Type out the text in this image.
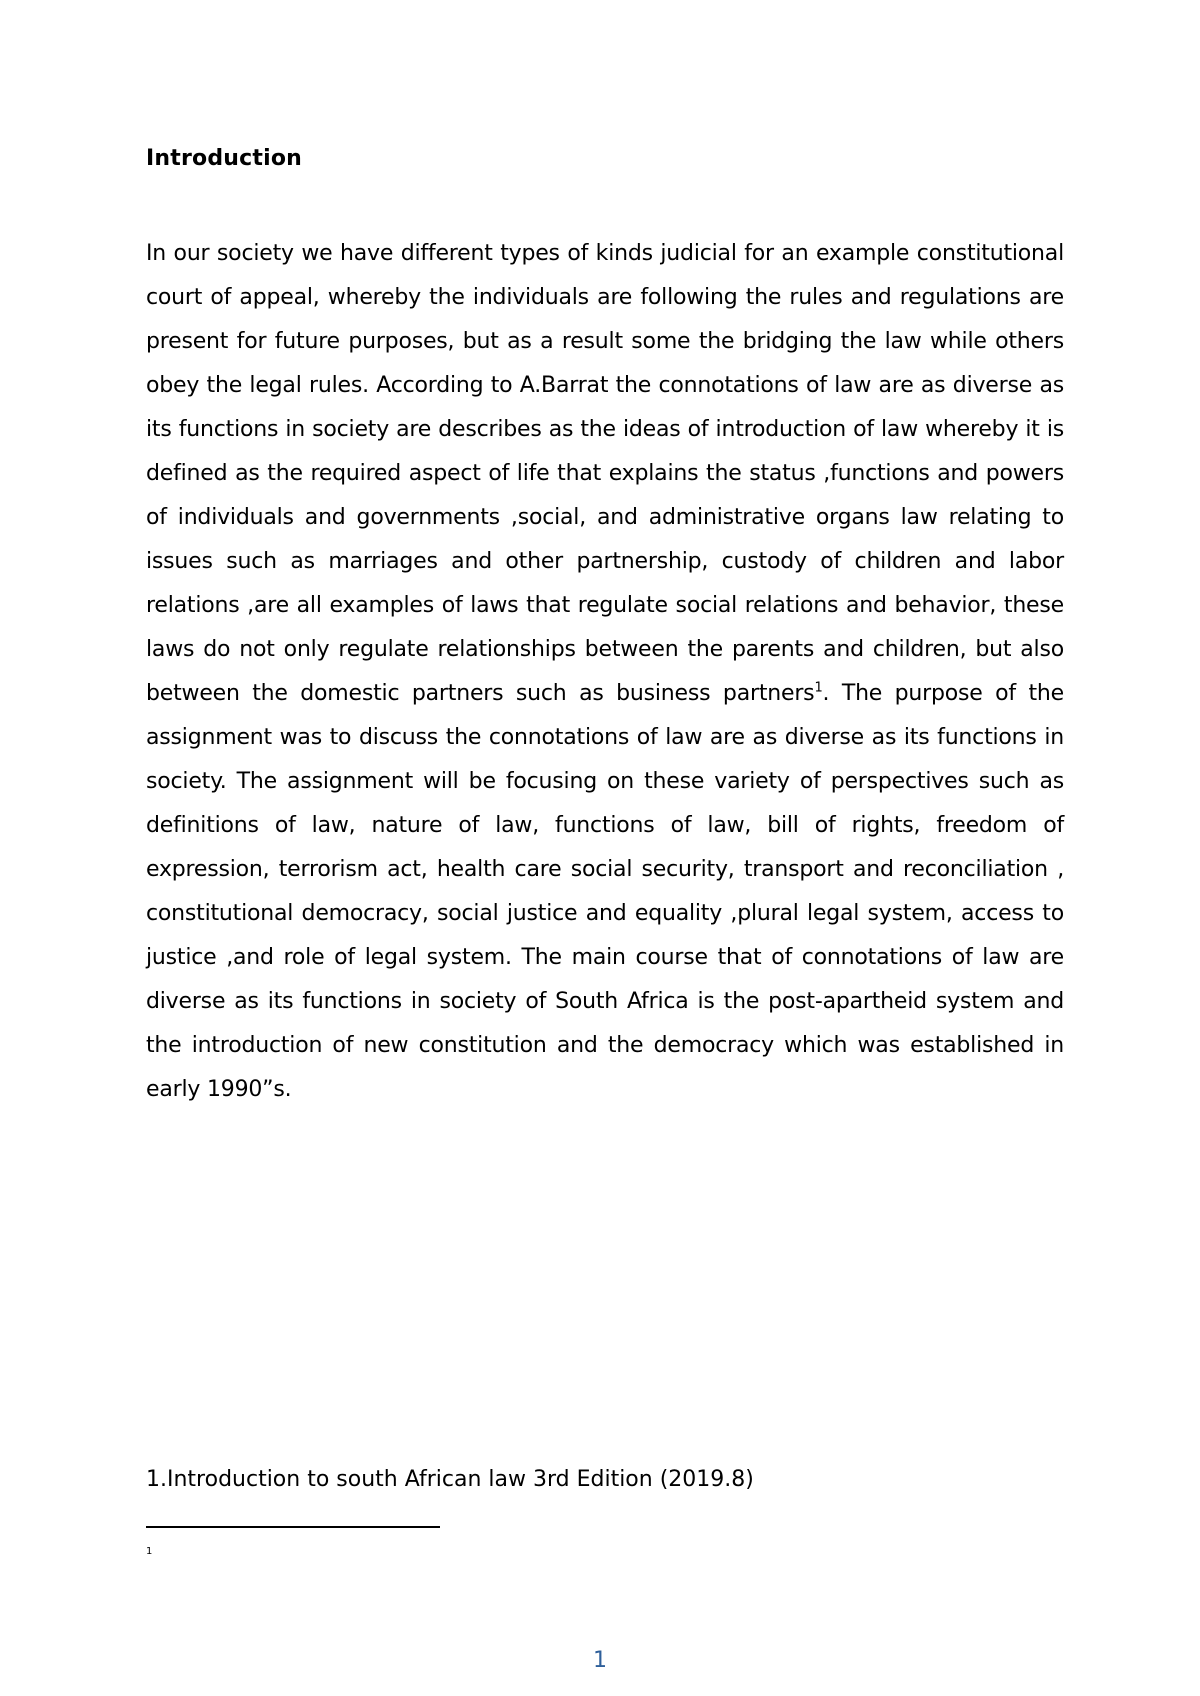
Introduction

In our society we have different types of kinds judicial for an example constitutional court of appeal, whereby the individuals are following the rules and regulations are present for future purposes, but as a result some the bridging the law while others obey the legal rules. According to A.Barrat the connotations of law are as diverse as its functions in society are describes as the ideas of introduction of law whereby it is defined as the required aspect of life that explains the status ,functions and powers of individuals and governments ,social, and administrative organs law relating to issues such as marriages and other partnership, custody of children and labor relations ,are all examples of laws that regulate social relations and behavior, these laws do not only regulate relationships between the parents and children, but also between the domestic partners such as business partners$^1$. The purpose of the assignment was to discuss the connotations of law are as diverse as its functions in society. The assignment will be focusing on these variety of perspectives such as definitions of law, nature of law, functions of law, bill of rights, freedom of expression, terrorism act, health care social security, transport and reconciliation , constitutional democracy, social justice and equality ,plural legal system, access to justice ,and role of legal system. The main course that of connotations of law are diverse as its functions in society of South Africa is the post-apartheid system and the introduction of new constitution and the democracy which was established in early 1990”s.

1.Introduction to south African law 3rd Edition (2019.8)

1

1
